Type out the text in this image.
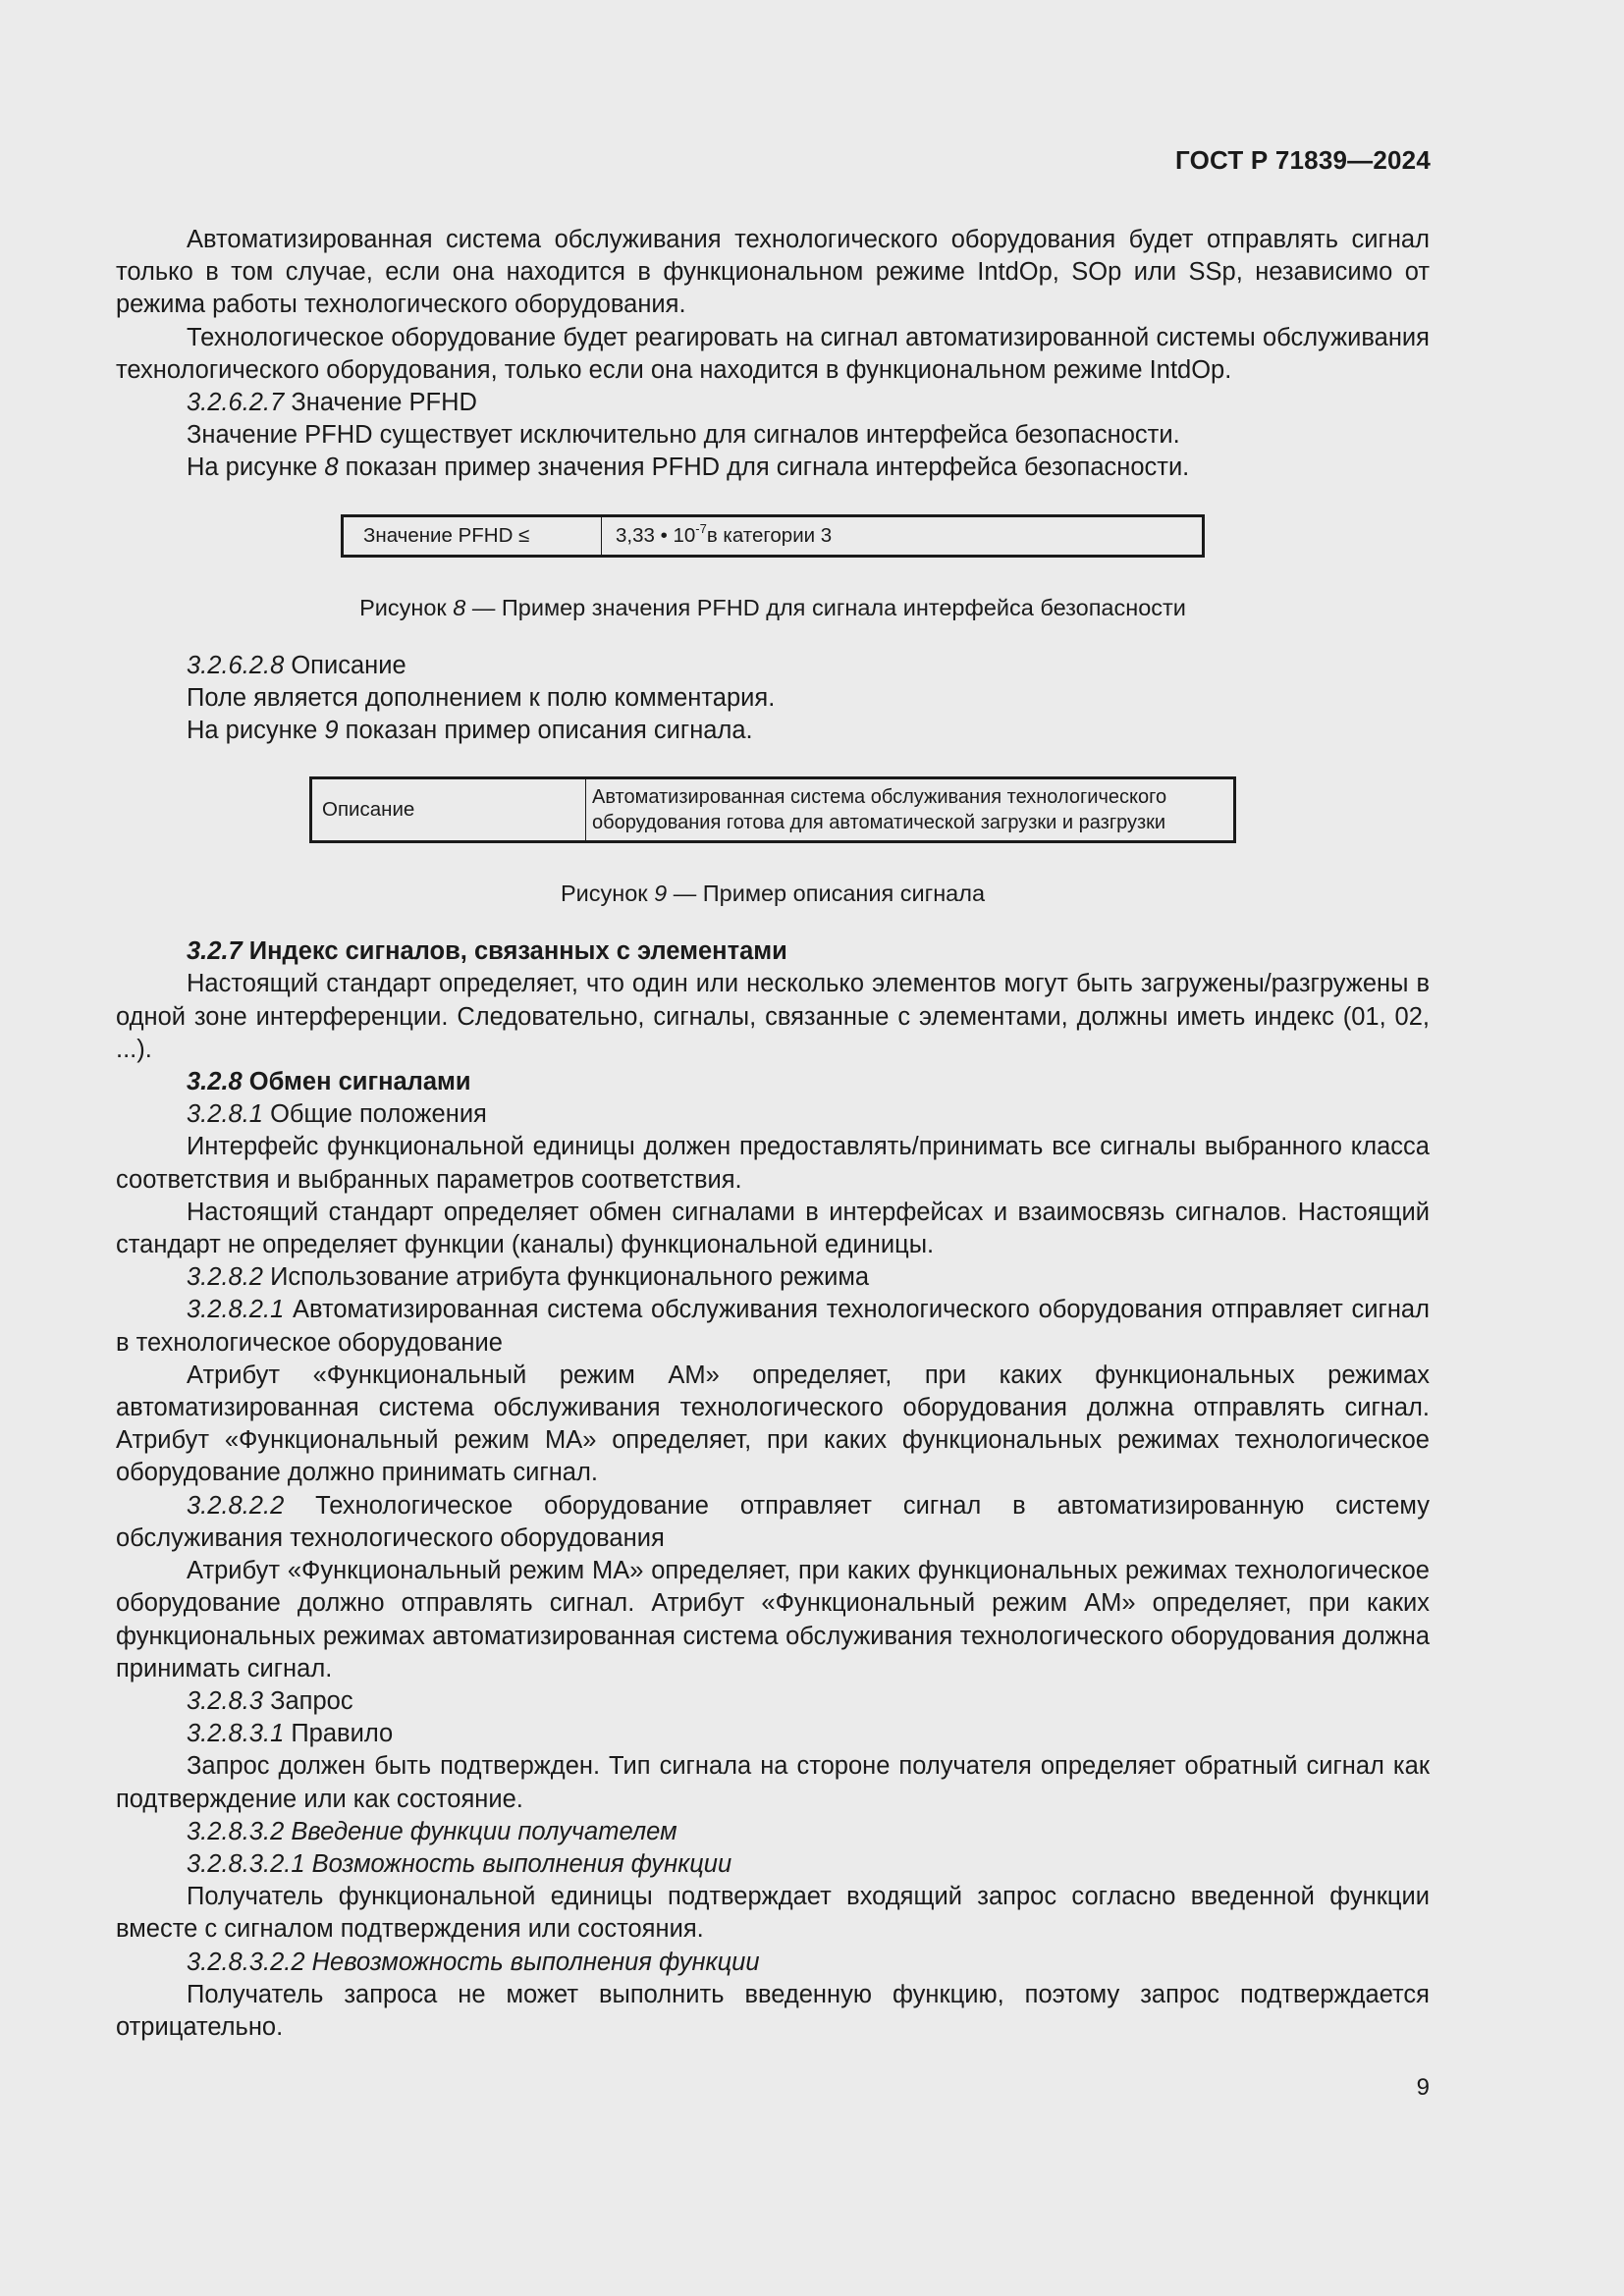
ГОСТ Р 71839—2024

Автоматизированная система обслуживания технологического оборудования будет отправлять сигнал только в том случае, если она находится в функциональном режиме IntdOp, SOp или SSp, независимо от режима работы технологического оборудования.

Технологическое оборудование будет реагировать на сигнал автоматизированной системы обслуживания технологического оборудования, только если она находится в функциональном режиме IntdOp.

3.2.6.2.7 Значение PFHD

Значение PFHD существует исключительно для сигналов интерфейса безопасности.

На рисунке 8 показан пример значения PFHD для сигнала интерфейса безопасности.

Значение PFHD ≤	3,33 • $10^{-7}в$ категории 3
Рисунок 8 — Пример значения PFHD для сигнала интерфейса безопасности

3.2.6.2.8 Описание

Поле является дополнением к полю комментария.

На рисунке 9 показан пример описания сигнала.

Описание	Автоматизированная система обслуживания технологического
оборудования готова для автоматической загрузки и разгрузки
Рисунок 9 — Пример описания сигнала

3.2.7 Индекс сигналов, связанных с элементами

Настоящий стандарт определяет, что один или несколько элементов могут быть загружены/разгружены в одной зоне интерференции. Следовательно, сигналы, связанные с элементами, должны иметь индекс (01, 02, ...).

3.2.8 Обмен сигналами

3.2.8.1 Общие положения

Интерфейс функциональной единицы должен предоставлять/принимать все сигналы выбранного класса соответствия и выбранных параметров соответствия.

Настоящий стандарт определяет обмен сигналами в интерфейсах и взаимосвязь сигналов. Настоящий стандарт не определяет функции (каналы) функциональной единицы.

3.2.8.2 Использование атрибута функционального режима

3.2.8.2.1 Автоматизированная система обслуживания технологического оборудования отправляет сигнал в технологическое оборудование

Атрибут «Функциональный режим AM» определяет, при каких функциональных режимах автоматизированная система обслуживания технологического оборудования должна отправлять сигнал. Атрибут «Функциональный режим MA» определяет, при каких функциональных режимах технологическое оборудование должно принимать сигнал.

3.2.8.2.2 Технологическое оборудование отправляет сигнал в автоматизированную систему обслуживания технологического оборудования

Атрибут «Функциональный режим MA» определяет, при каких функциональных режимах технологическое оборудование должно отправлять сигнал. Атрибут «Функциональный режим AM» определяет, при каких функциональных режимах автоматизированная система обслуживания технологического оборудования должна принимать сигнал.

3.2.8.3 Запрос

3.2.8.3.1 Правило

Запрос должен быть подтвержден. Тип сигнала на стороне получателя определяет обратный сигнал как подтверждение или как состояние.

3.2.8.3.2 Введение функции получателем

3.2.8.3.2.1 Возможность выполнения функции

Получатель функциональной единицы подтверждает входящий запрос согласно введенной функции вместе с сигналом подтверждения или состояния.

3.2.8.3.2.2 Невозможность выполнения функции

Получатель запроса не может выполнить введенную функцию, поэтому запрос подтверждается отрицательно.

9
